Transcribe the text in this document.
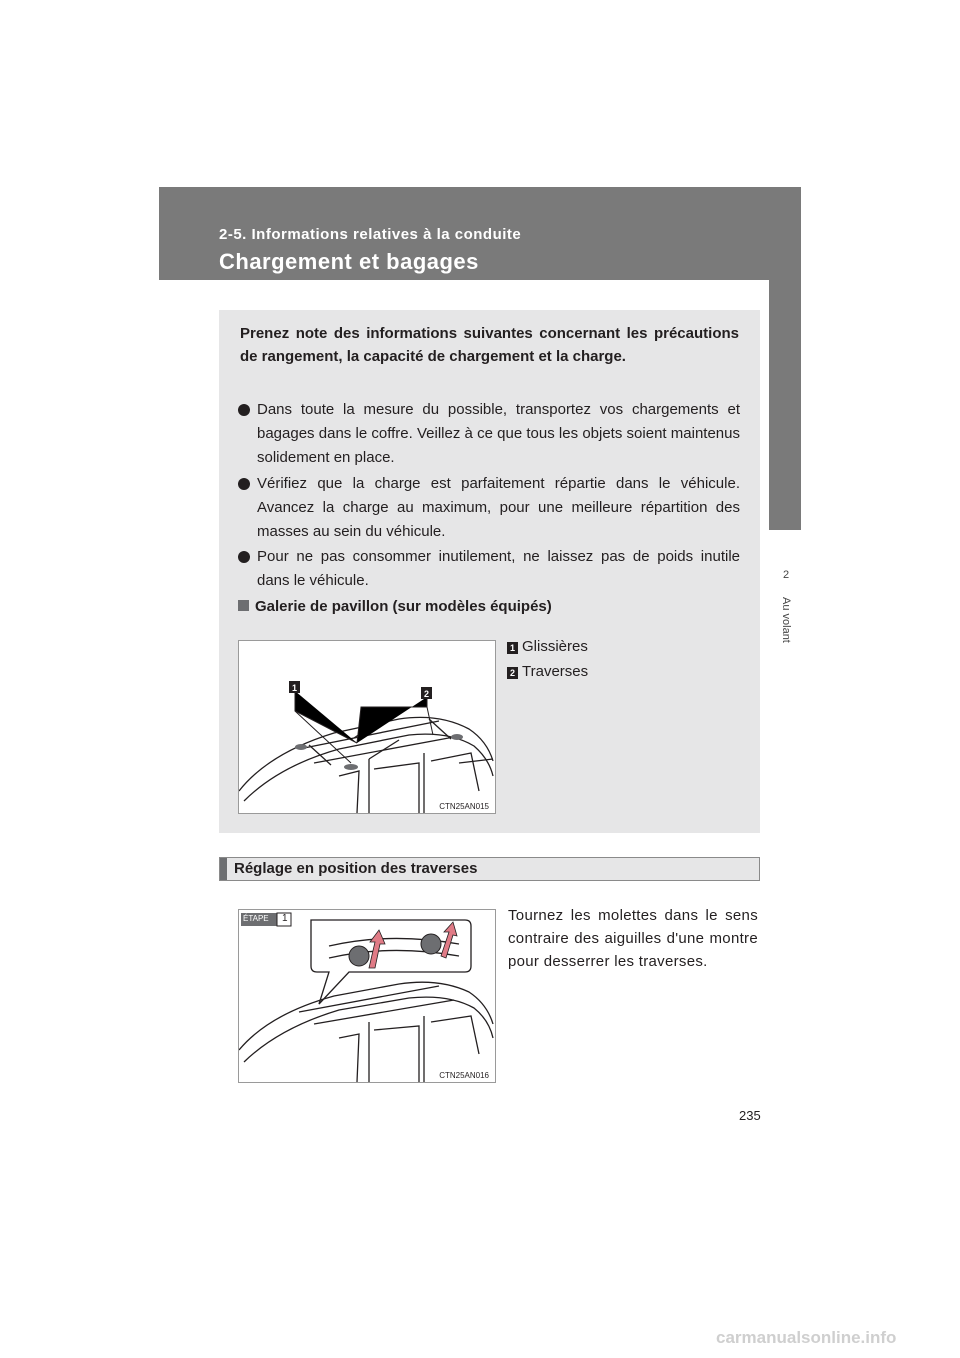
2-5. Informations relatives à la conduite
Chargement et bagages
2
Au volant
Prenez note des informations suivantes concernant les précautions de rangement, la capacité de chargement et la charge.
Dans toute la mesure du possible, transportez vos chargements et bagages dans le coffre. Veillez à ce que tous les objets soient maintenus solidement en place.
Vérifiez que la charge est parfaitement répartie dans le véhicule. Avancez la charge au maximum, pour une meilleure répartition des masses au sein du véhicule.
Pour ne pas consommer inutilement, ne laissez pas de poids inutile dans le véhicule.
Galerie de pavillon (sur modèles équipés)
1
2
CTN25AN015
1 Glissières
2 Traverses
Réglage en position des traverses
ÉTAPE 1
CTN25AN016
Tournez les molettes dans le sens contraire des aiguilles d'une montre pour desserrer les traverses.
235
carmanualsonline.info
